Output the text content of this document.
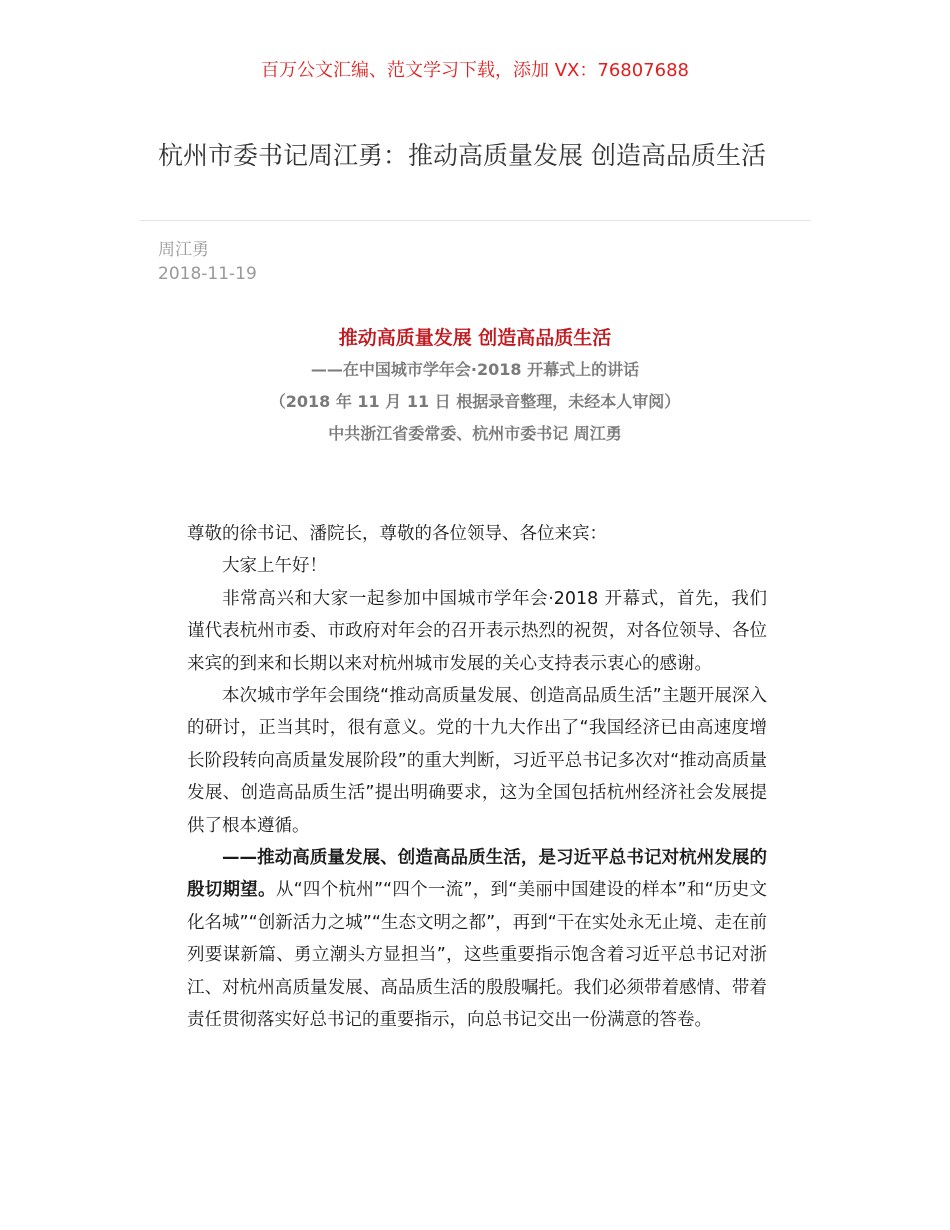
百万公文汇编、范文学习下载，添加 VX：76807688
杭州市委书记周江勇：推动高质量发展 创造高品质生活
周江勇
2018-11-19
推动高质量发展 创造高品质生活
——在中国城市学年会·2018 开幕式上的讲话
（2018 年 11 月 11 日 根据录音整理，未经本人审阅）
中共浙江省委常委、杭州市委书记 周江勇

尊敬的徐书记、潘院长，尊敬的各位领导、各位来宾：

大家上午好！

非常高兴和大家一起参加中国城市学年会·2018 开幕式，首先，我们谨代表杭州市委、市政府对年会的召开表示热烈的祝贺，对各位领导、各位来宾的到来和长期以来对杭州城市发展的关心支持表示衷心的感谢。

本次城市学年会围绕“推动高质量发展、创造高品质生活”主题开展深入的研讨，正当其时，很有意义。党的十九大作出了“我国经济已由高速度增长阶段转向高质量发展阶段”的重大判断，习近平总书记多次对“推动高质量发展、创造高品质生活”提出明确要求，这为全国包括杭州经济社会发展提供了根本遵循。

——推动高质量发展、创造高品质生活，是习近平总书记对杭州发展的殷切期望。从“四个杭州”“四个一流”，到“美丽中国建设的样本”和“历史文化名城”“创新活力之城”“生态文明之都”，再到“干在实处永无止境、走在前列要谋新篇、勇立潮头方显担当”，这些重要指示饱含着习近平总书记对浙江、对杭州高质量发展、高品质生活的殷殷嘱托。我们必须带着感情、带着责任贯彻落实好总书记的重要指示，向总书记交出一份满意的答卷。
